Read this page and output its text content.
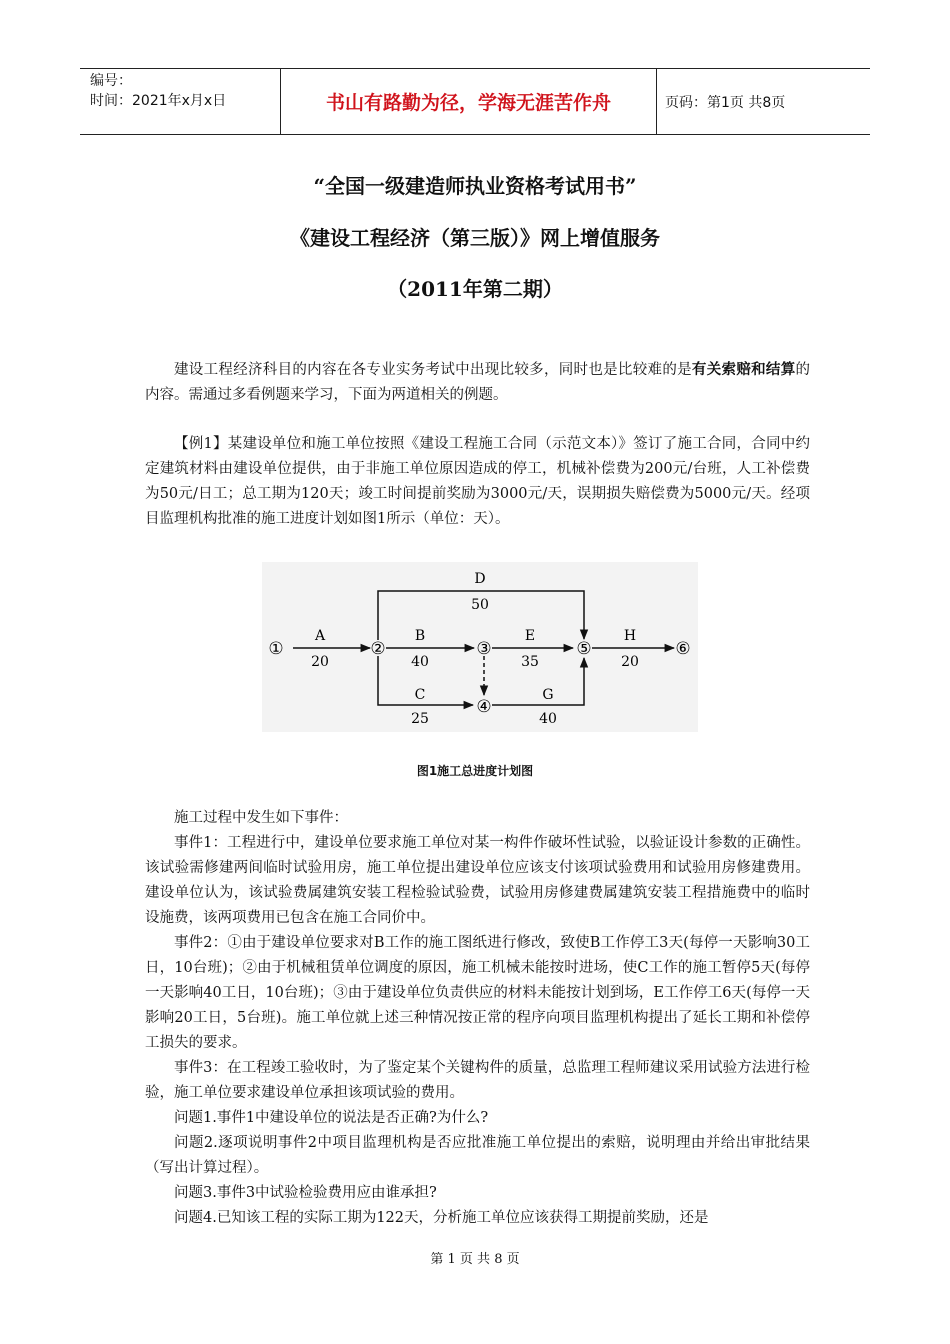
编号：
时间：2021年x月x日	书山有路勤为径，学海无涯苦作舟	页码：第1页 共8页
“全国一级建造师执业资格考试用书”
《建设工程经济（第三版）》网上增值服务
（2011年第二期）

建设工程经济科目的内容在各专业实务考试中出现比较多，同时也是比较难的是有关索赔和结算的内容。需通过多看例题来学习，下面为两道相关的例题。

【例1】某建设单位和施工单位按照《建设工程施工合同（示范文本）》签订了施工合同，合同中约定建筑材料由建设单位提供，由于非施工单位原因造成的停工，机械补偿费为200元/台班，人工补偿费为50元/日工；总工期为120天；竣工时间提前奖励为3000元/天，误期损失赔偿费为5000元/天。经项目监理机构批准的施工进度计划如图1所示（单位：天）。

①	②	③
④
⑤	⑥
A
20
B
40
C
25
D
50
E
35
G
40
H
20
图1施工总进度计划图

施工过程中发生如下事件：

事件1：工程进行中，建设单位要求施工单位对某一构件作破坏性试验，以验证设计参数的正确性。该试验需修建两间临时试验用房，施工单位提出建设单位应该支付该项试验费用和试验用房修建费用。建设单位认为，该试验费属建筑安装工程检验试验费，试验用房修建费属建筑安装工程措施费中的临时设施费，该两项费用已包含在施工合同价中。

事件2：①由于建设单位要求对B工作的施工图纸进行修改，致使B工作停工3天(每停一天影响30工日，10台班)；②由于机械租赁单位调度的原因，施工机械未能按时进场，使C工作的施工暂停5天(每停一天影响40工日，10台班)；③由于建设单位负责供应的材料未能按计划到场，E工作停工6天(每停一天影响20工日，5台班)。施工单位就上述三种情况按正常的程序向项目监理机构提出了延长工期和补偿停工损失的要求。

事件3：在工程竣工验收时，为了鉴定某个关键构件的质量，总监理工程师建议采用试验方法进行检验，施工单位要求建设单位承担该项试验的费用。

问题1.事件1中建设单位的说法是否正确?为什么?

问题2.逐项说明事件2中项目监理机构是否应批准施工单位提出的索赔，说明理由并给出审批结果（写出计算过程）。

问题3.事件3中试验检验费用应由谁承担?

问题4.已知该工程的实际工期为122天，分析施工单位应该获得工期提前奖励，还是

第 1 页 共 8 页
